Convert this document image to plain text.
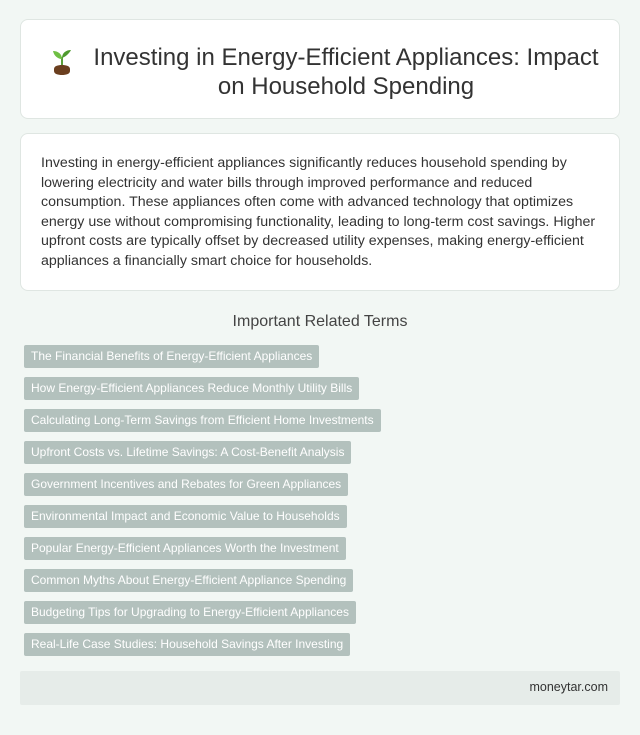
Investing in Energy-Efficient Appliances: Impact on Household Spending

Investing in energy-efficient appliances significantly reduces household spending by lowering electricity and water bills through improved performance and reduced consumption. These appliances often come with advanced technology that optimizes energy use without compromising functionality, leading to long-term cost savings. Higher upfront costs are typically offset by decreased utility expenses, making energy-efficient appliances a financially smart choice for households.

Important Related Terms
The Financial Benefits of Energy-Efficient Appliances
How Energy-Efficient Appliances Reduce Monthly Utility Bills
Calculating Long-Term Savings from Efficient Home Investments
Upfront Costs vs. Lifetime Savings: A Cost-Benefit Analysis
Government Incentives and Rebates for Green Appliances
Environmental Impact and Economic Value to Households
Popular Energy-Efficient Appliances Worth the Investment
Common Myths About Energy-Efficient Appliance Spending
Budgeting Tips for Upgrading to Energy-Efficient Appliances
Real-Life Case Studies: Household Savings After Investing
moneytar.com
